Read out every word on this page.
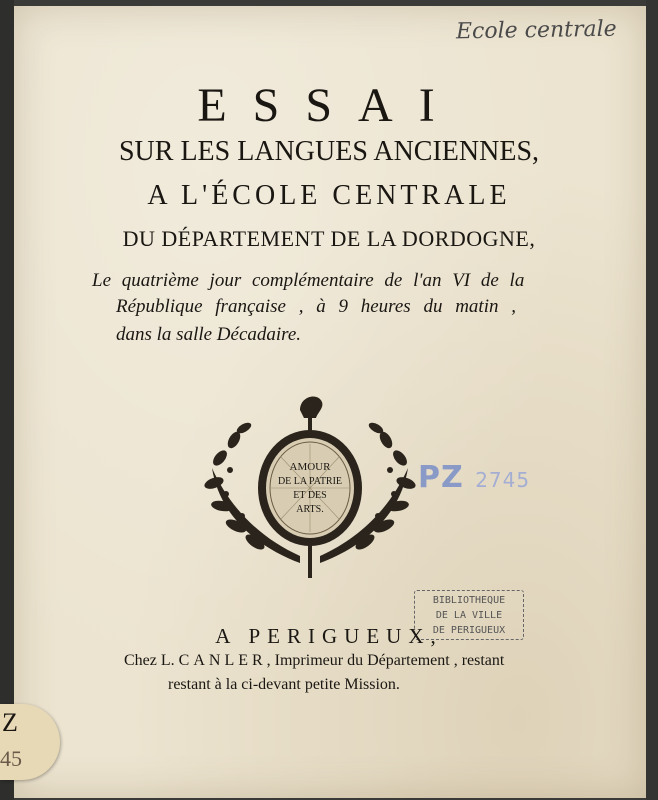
Ecole centrale
ESSAI
SUR LES LANGUES ANCIENNES,
A L'ÉCOLE CENTRALE
DU DÉPARTEMENT DE LA DORDOGNE,
Le quatrième jour complémentaire de l'an VI de la
République française , à 9 heures du matin ,
dans la salle Décadaire.
AMOUR
DE LA PATRIE
ET DES
ARTS.
PZ 2745
BIBLIOTHEQUE
DE LA VILLE
DE PERIGUEUX
A PERIGUEUX,
Chez L. CANLER, Imprimeur du Département , restant
restant à la ci-devant petite Mission.
Z
45
